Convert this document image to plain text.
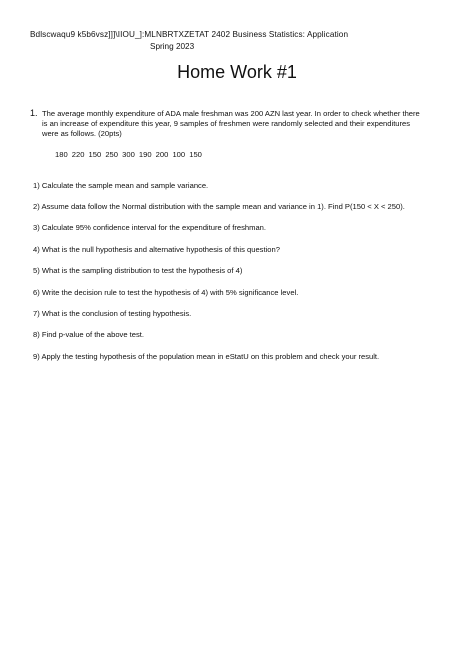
Bdlscwaqu9 k5b6vsz]]]\IIOU_]:MLNBRTXZETAT 2402 Business Statistics: Application
Spring 2023
Home Work #1
1. The average monthly expenditure of ADA male freshman was 200 AZN last year. In order to check whether there
is an increase of expenditure this year, 9 samples of freshmen were randomly selected and their expenditures
were as follows. (20pts)
180 220 150 250 300 190 200 100 150
1) Calculate the sample mean and sample variance.
2) Assume data follow the Normal distribution with the sample mean and variance in 1). Find P(150 < X < 250).
3) Calculate 95% confidence interval for the expenditure of freshman.
4) What is the null hypothesis and alternative hypothesis of this question?
5) What is the sampling distribution to test the hypothesis of 4)
6) Write the decision rule to test the hypothesis of 4) with 5% significance level.
7) What is the conclusion of testing hypothesis.
8) Find p-value of the above test.
9) Apply the testing hypothesis of the population mean in eStatU on this problem and check your result.
